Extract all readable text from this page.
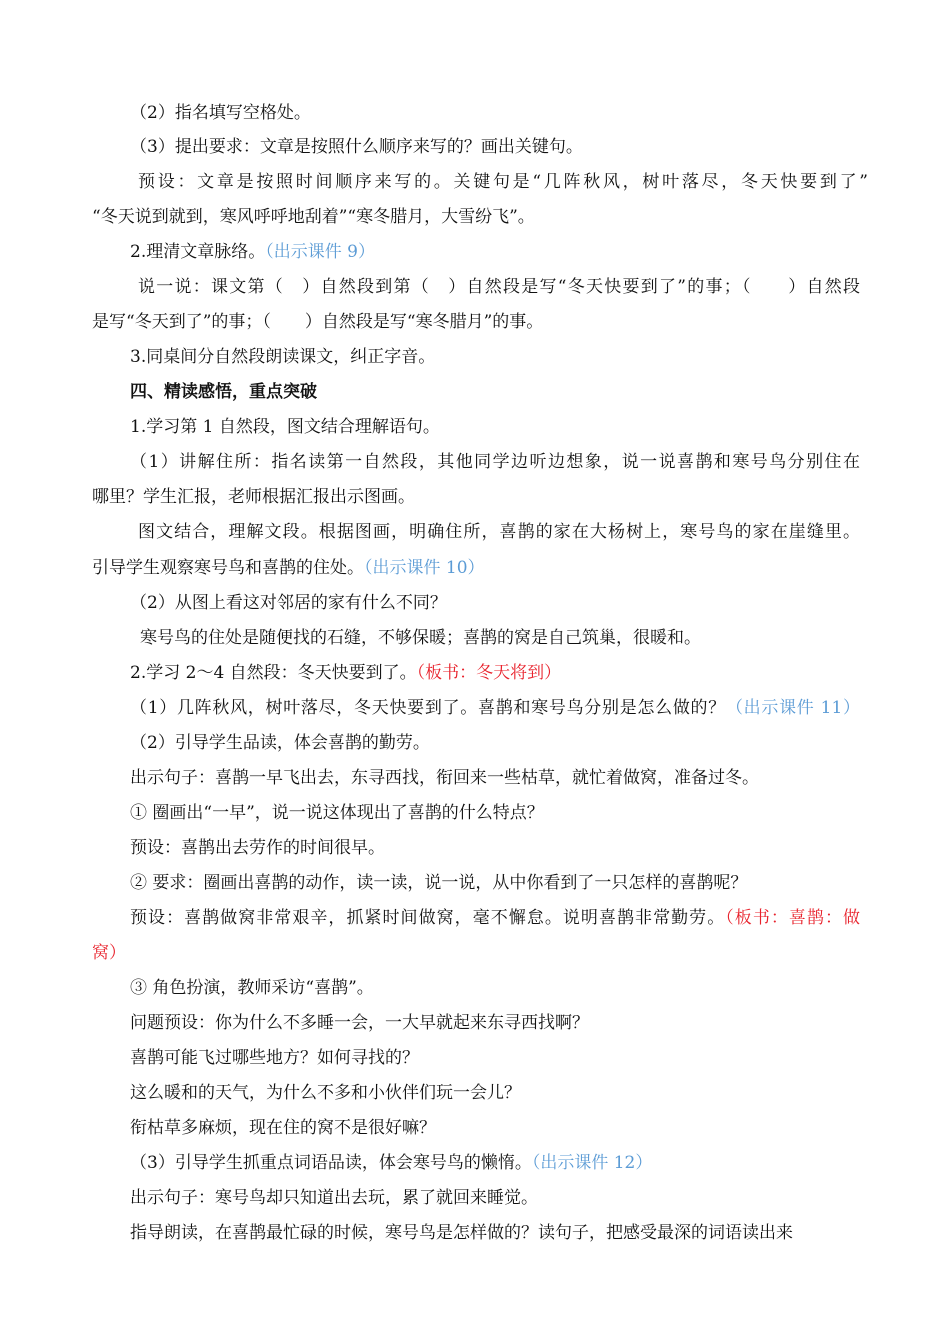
（2）指名填写空格处。

（3）提出要求：文章是按照什么顺序来写的？画出关键句。

预设：文章是按照时间顺序来写的。关键句是“几阵秋风，树叶落尽，冬天快要到了”

“冬天说到就到，寒风呼呼地刮着”“寒冬腊月，大雪纷飞”。

2.理清文章脉络。（出示课件 9）

说一说：课文第（　）自然段到第（　）自然段是写“冬天快要到了”的事；（　　）自然段

是写“冬天到了”的事；（　　）自然段是写“寒冬腊月”的事。

3.同桌间分自然段朗读课文，纠正字音。

四、精读感悟，重点突破

1.学习第 1 自然段，图文结合理解语句。

（1）讲解住所：指名读第一自然段，其他同学边听边想象，说一说喜鹊和寒号鸟分别住在

哪里？学生汇报，老师根据汇报出示图画。

图文结合，理解文段。根据图画，明确住所，喜鹊的家在大杨树上，寒号鸟的家在崖缝里。

引导学生观察寒号鸟和喜鹊的住处。（出示课件 10）

（2）从图上看这对邻居的家有什么不同？

寒号鸟的住处是随便找的石缝，不够保暖；喜鹊的窝是自己筑巢，很暖和。

2.学习 2～4 自然段：冬天快要到了。（板书：冬天将到）

（1）几阵秋风，树叶落尽，冬天快要到了。喜鹊和寒号鸟分别是怎么做的？（出示课件 11）

（2）引导学生品读，体会喜鹊的勤劳。

出示句子：喜鹊一早飞出去，东寻西找，衔回来一些枯草，就忙着做窝，准备过冬。

① 圈画出“一早”，说一说这体现出了喜鹊的什么特点？

预设：喜鹊出去劳作的时间很早。

② 要求：圈画出喜鹊的动作，读一读，说一说，从中你看到了一只怎样的喜鹊呢？

预设：喜鹊做窝非常艰辛，抓紧时间做窝，毫不懈怠。说明喜鹊非常勤劳。（板书：喜鹊：做

窝）

③ 角色扮演，教师采访“喜鹊”。

问题预设：你为什么不多睡一会，一大早就起来东寻西找啊？

喜鹊可能飞过哪些地方？如何寻找的？

这么暖和的天气，为什么不多和小伙伴们玩一会儿？

衔枯草多麻烦，现在住的窝不是很好嘛？

（3）引导学生抓重点词语品读，体会寒号鸟的懒惰。（出示课件 12）

出示句子：寒号鸟却只知道出去玩，累了就回来睡觉。

指导朗读，在喜鹊最忙碌的时候，寒号鸟是怎样做的？读句子，把感受最深的词语读出来
